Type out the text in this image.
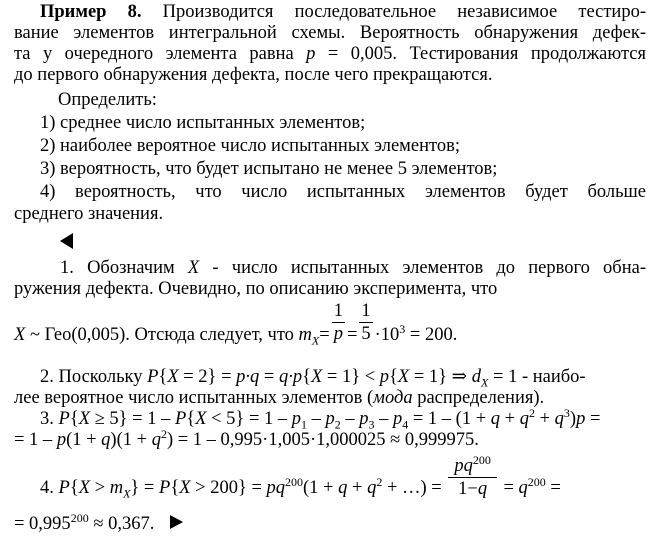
Пример 8. Производится последовательное независимое тестиро-
вание элементов интегральной схемы. Вероятность обнаружения дефек-
та у очередного элемента равна p = 0,005. Тестирования продолжаются
до первого обнаружения дефекта, после чего прекращаются.
Определить:
1) среднее число испытанных элементов;
2) наиболее вероятное число испытанных элементов;
3) вероятность, что будет испытано не менее 5 элементов;
4) вероятность, что число испытанных элементов будет больше
среднего значения.
1. Обозначим X - число испытанных элементов до первого обна-
ружения дефекта. Очевидно, по описанию эксперимента, что
X ~ Гео(0,005). Отсюда следует, что $m_X= \frac{1}{p} = \frac{1}{5} \cdot 10^3 = 200$.
2. Поскольку P{X = 2} = p·q = q·p{X = 1} < p{X = 1} ⇒ $d_X = 1$ - наибо-
лее вероятное число испытанных элементов (мода распределения).
3. $P\{X \ge 5\} = 1 - P\{X < 5\} = 1 - p_1 - p_2 - p_3 - p_4 = 1 - (1 + q + q^2 + q^3)p$ =
= $1 - p(1 + q)(1 + q^2) = 1 - 0,995\cdot 1,005\cdot 1,000025 \approx 0,999975$.
4. $P\{X > m_X\} = P\{X > 200\} = pq^{200}(1 + q + q^2$ + …) = $\frac{pq^{200}}{1-q} = q^{200}$ =
= $0,995^{200} \approx 0,367$.
